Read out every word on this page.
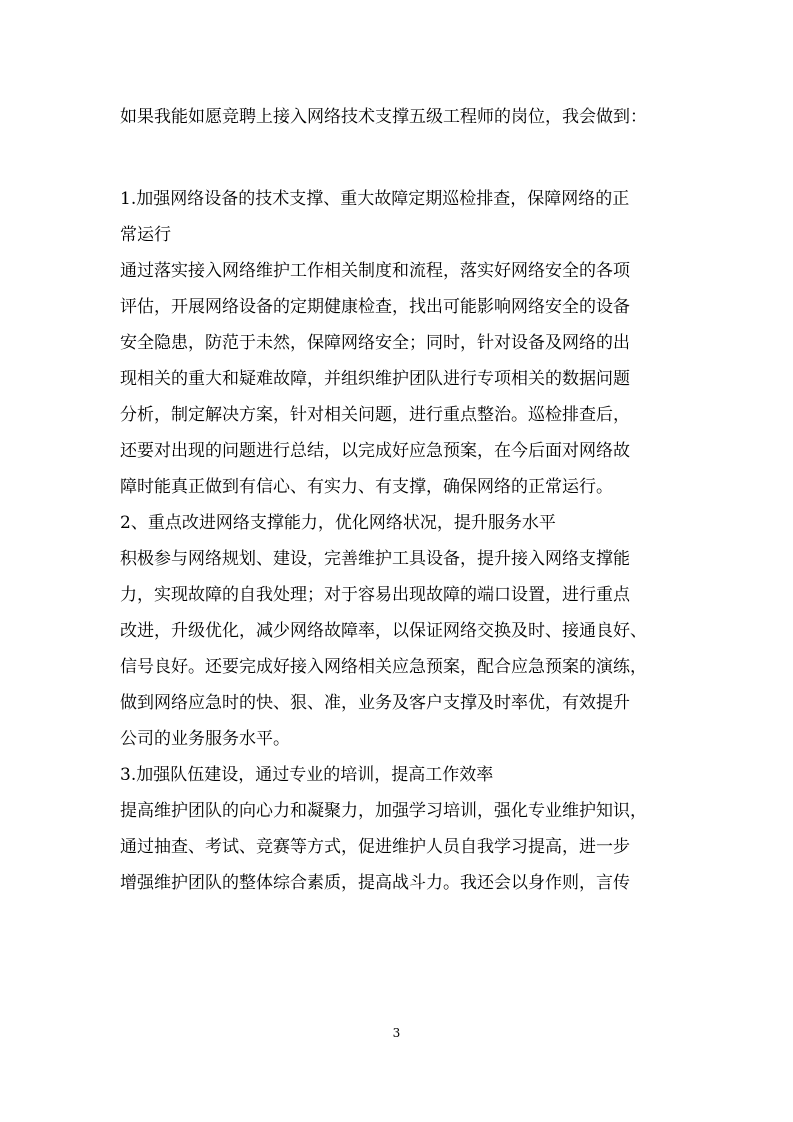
如果我能如愿竞聘上接入网络技术支撑五级工程师的岗位，我会做到：
1.加强网络设备的技术支撑、重大故障定期巡检排查，保障网络的正
常运行
通过落实接入网络维护工作相关制度和流程，落实好网络安全的各项
评估，开展网络设备的定期健康检查，找出可能影响网络安全的设备
安全隐患，防范于未然，保障网络安全；同时，针对设备及网络的出
现相关的重大和疑难故障，并组织维护团队进行专项相关的数据问题
分析，制定解决方案，针对相关问题，进行重点整治。巡检排查后，
还要对出现的问题进行总结，以完成好应急预案，在今后面对网络故
障时能真正做到有信心、有实力、有支撑，确保网络的正常运行。
2、重点改进网络支撑能力，优化网络状况，提升服务水平
积极参与网络规划、建设，完善维护工具设备，提升接入网络支撑能
力，实现故障的自我处理；对于容易出现故障的端口设置，进行重点
改进，升级优化，减少网络故障率，以保证网络交换及时、接通良好、
信号良好。还要完成好接入网络相关应急预案，配合应急预案的演练，
做到网络应急时的快、狠、准，业务及客户支撑及时率优，有效提升
公司的业务服务水平。
3.加强队伍建设，通过专业的培训，提高工作效率
提高维护团队的向心力和凝聚力，加强学习培训，强化专业维护知识，
通过抽查、考试、竞赛等方式，促进维护人员自我学习提高，进一步
增强维护团队的整体综合素质，提高战斗力。我还会以身作则，言传
3
